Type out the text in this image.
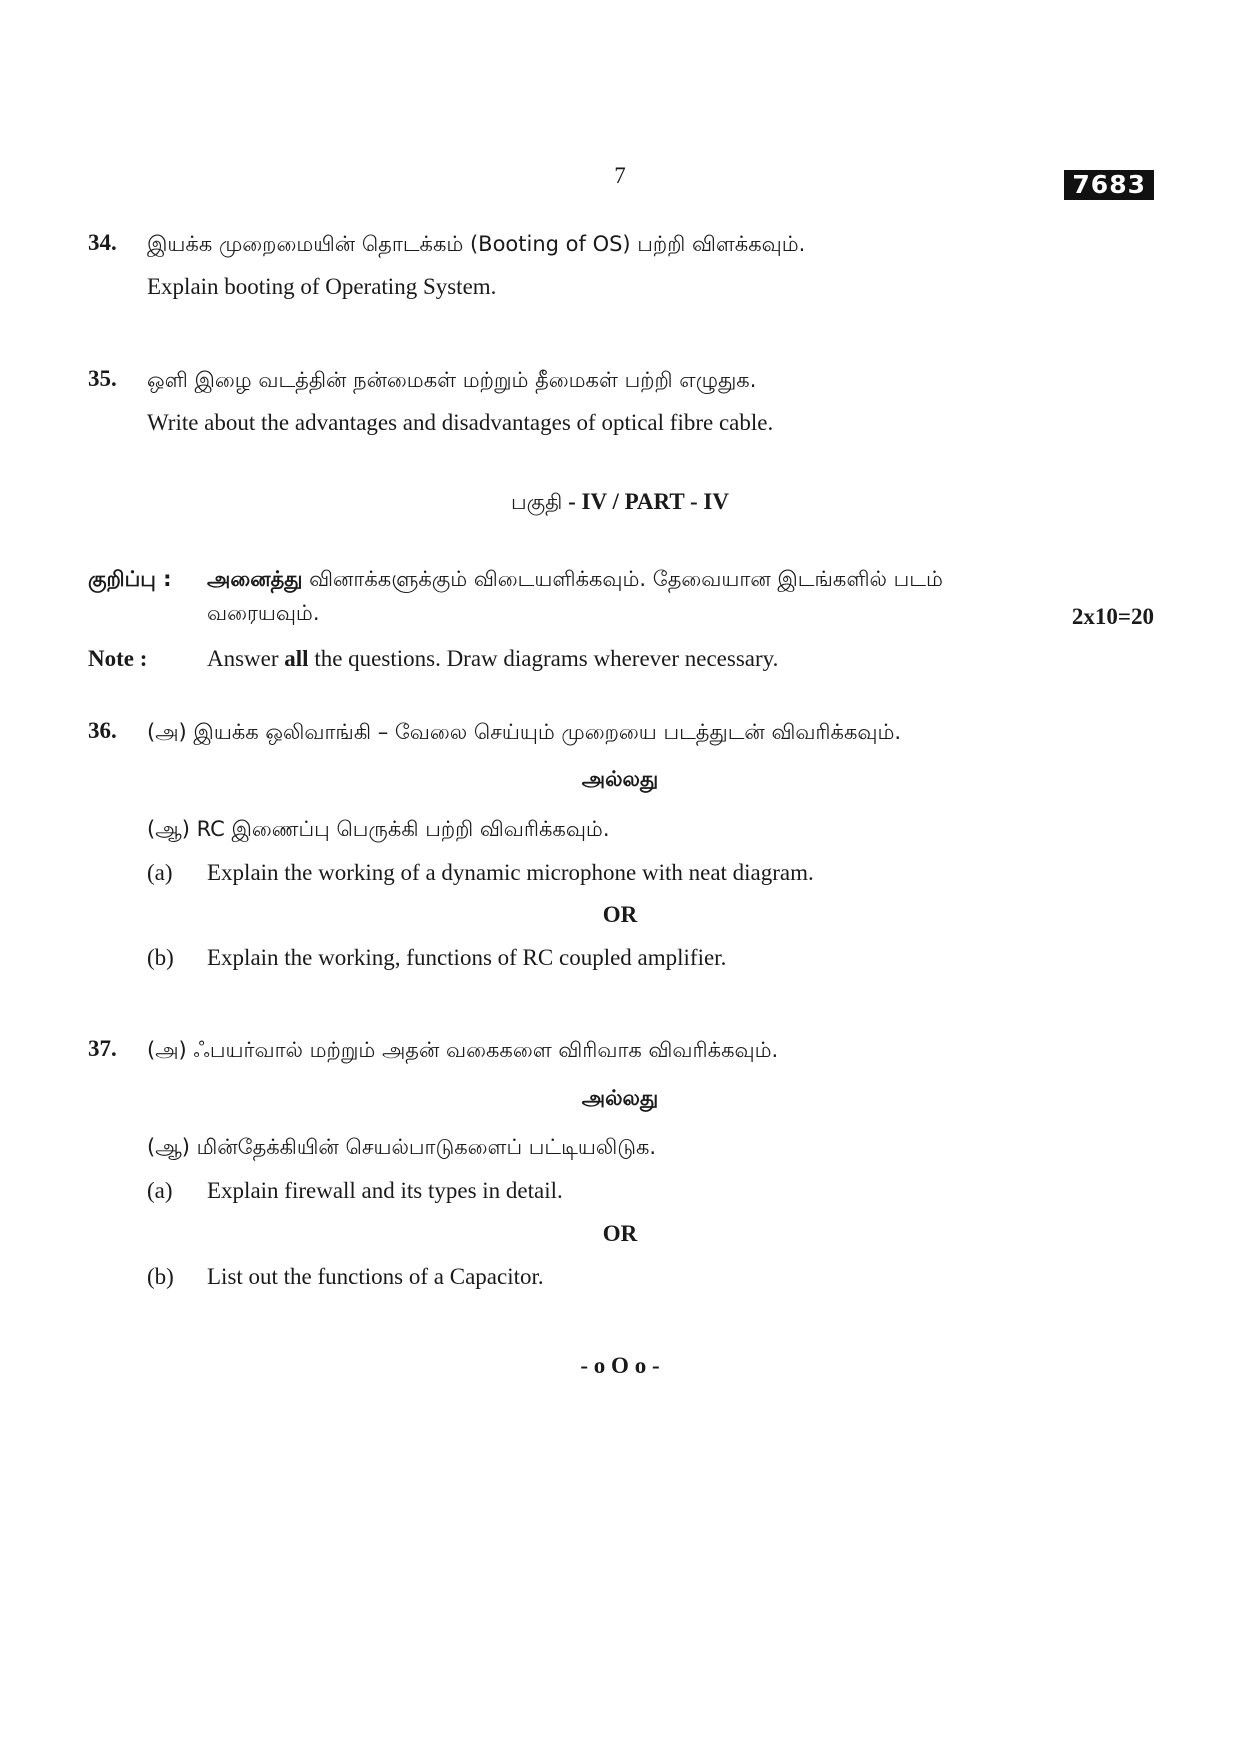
7	7683
34. இயக்க முறைமையின் தொடக்கம் (Booting of OS) பற்றி விளக்கவும்.
Explain booting of Operating System.
35. ஒளி இழை வடத்தின் நன்மைகள் மற்றும் தீமைகள் பற்றி எழுதுக.
Write about the advantages and disadvantages of optical fibre cable.
பகுதி - IV / PART - IV
குறிப்பு : அனைத்து வினாக்களுக்கும் விடையளிக்கவும். தேவையான இடங்களில் படம்
வரையவும்.	2x10=20
Note :	Answer all the questions. Draw diagrams wherever necessary.
36. (அ) இயக்க ஒலிவாங்கி – வேலை செய்யும் முறையை படத்துடன் விவரிக்கவும்.
அல்லது
(ஆ) RC இணைப்பு பெருக்கி பற்றி விவரிக்கவும்.
(a) Explain the working of a dynamic microphone with neat diagram.
OR
(b) Explain the working, functions of RC coupled amplifier.
37. (அ) ஃபயர்வால் மற்றும் அதன் வகைகளை விரிவாக விவரிக்கவும்.
அல்லது
(ஆ) மின்தேக்கியின் செயல்பாடுகளைப் பட்டியலிடுக.
(a) Explain firewall and its types in detail.
OR
(b) List out the functions of a Capacitor.
- o O o -
